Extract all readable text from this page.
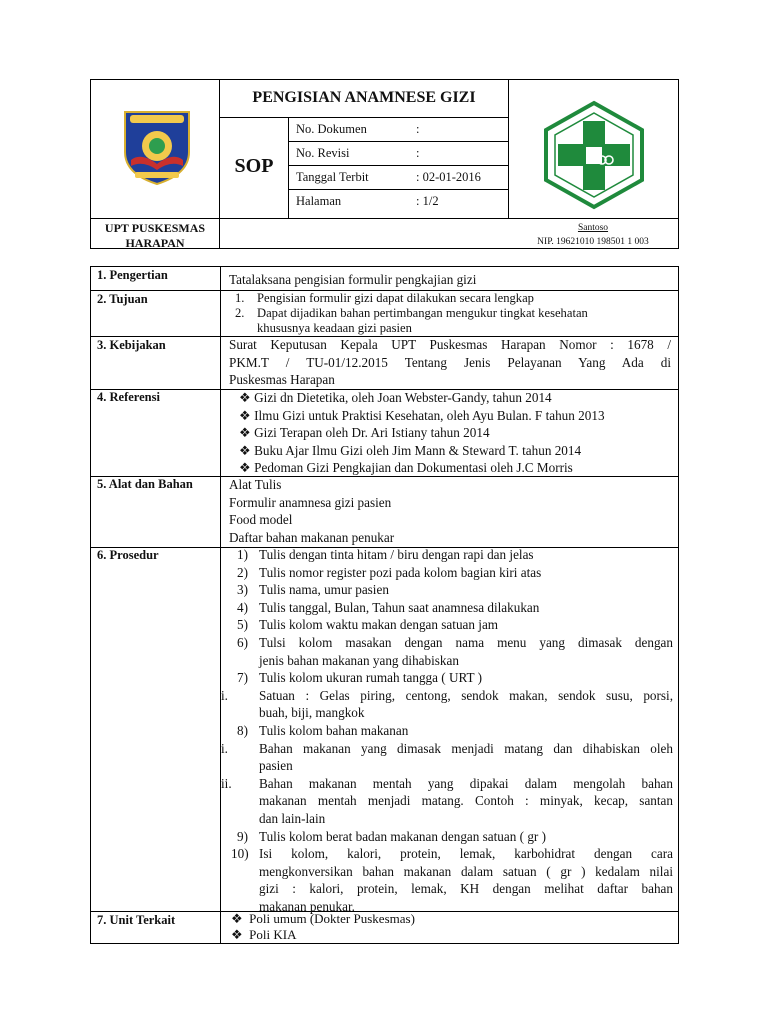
PENGISIAN ANAMNESE GIZI
SOP
No. Dokumen	:
No. Revisi	:
Tanggal Terbit	: 02-01-2016
Halaman	: 1/2
UPT PUSKESMAS
HARAPAN
Santoso
NIP. 19621010 198501 1 003
1. Pengertian	Tatalaksana pengisian formulir pengkajian gizi
2. Tujuan	1. Pengisian formulir gizi dapat dilakukan secara lengkap
2. Dapat dijadikan bahan pertimbangan mengukur tingkat kesehatan
khususnya keadaan gizi pasien
3. Kebijakan	Surat Keputusan Kepala UPT Puskesmas Harapan Nomor : 1678 /
PKM.T / TU-01/12.2015 Tentang Jenis Pelayanan Yang Ada di
Puskesmas Harapan
4. Referensi	❖ Gizi dn Dietetika, oleh Joan Webster-Gandy, tahun 2014
❖ Ilmu Gizi untuk Praktisi Kesehatan, oleh Ayu Bulan. F tahun 2013
❖ Gizi Terapan oleh Dr. Ari Istiany tahun 2014
❖ Buku Ajar Ilmu Gizi oleh Jim Mann & Steward T. tahun 2014
❖ Pedoman Gizi Pengkajian dan Dokumentasi oleh J.C Morris
5. Alat dan Bahan	Alat Tulis
Formulir anamnesa gizi pasien
Food model
Daftar bahan makanan penukar
6. Prosedur	1) Tulis dengan tinta hitam / biru dengan rapi dan jelas
2) Tulis nomor register pozi pada kolom bagian kiri atas
3) Tulis nama, umur pasien
4) Tulis tanggal, Bulan, Tahun saat anamnesa dilakukan
5) Tulis kolom waktu makan dengan satuan jam
6) Tulsi kolom masakan dengan nama menu yang dimasak dengan
jenis bahan makanan yang dihabiskan
7) Tulis kolom ukuran rumah tangga ( URT )
i. Satuan : Gelas piring, centong, sendok makan, sendok susu, porsi,
buah, biji, mangkok
8) Tulis kolom bahan makanan
i. Bahan makanan yang dimasak menjadi matang dan dihabiskan oleh
pasien
ii. Bahan makanan mentah yang dipakai dalam mengolah bahan
makanan mentah menjadi matang. Contoh : minyak, kecap, santan
dan lain-lain
9) Tulis kolom berat badan makanan dengan satuan ( gr )
10) Isi kolom, kalori, protein, lemak, karbohidrat dengan cara
mengkonversikan bahan makanan dalam satuan ( gr ) kedalam nilai
gizi : kalori, protein, lemak, KH dengan melihat daftar bahan
makanan penukar.
7. Unit Terkait	❖ Poli umum (Dokter Puskesmas)
❖ Poli KIA
